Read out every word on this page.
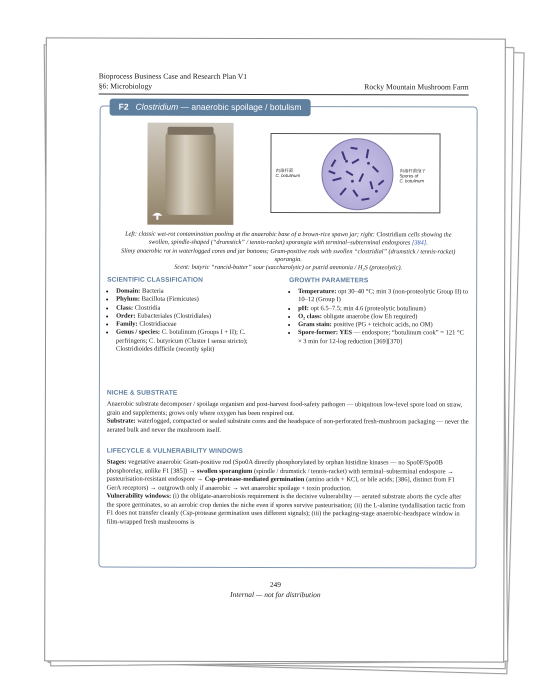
Bioprocess Business Case and Research Plan V1
§6: Microbiology	Rocky Mountain Mushroom Farm
F2 Clostridium — anaerobic spoilage / botulism
肉毒杆菌
C. botulinum
肉毒杆菌孢子
Spores of
C. botulinum
Left: classic wet-rot contamination pooling at the anaerobic base of a brown-rice spawn jar; right: Clostridium cells showing the swollen, spindle-shaped (“drumstick” / tennis-racket) sporangia with terminal–subterminal endospores [384].
Slimy anaerobic rot in waterlogged cores and jar bottoms; Gram-positive rods with swollen “clostridial” (drumstick / tennis-racket) sporangia.
Scent: butyric “rancid-butter” sour (saccharolytic) or putrid ammonia / H₂S (proteolytic).
SCIENTIFIC CLASSIFICATION
• Domain: Bacteria
• Phylum: Bacillota (Firmicutes)
• Class: Clostridia
• Order: Eubacteriales (Clostridiales)
• Family: Clostridiaceae
• Genus / species: C. botulinum (Groups I + II); C. perfringens; C. butyricum (Cluster I sensu stricto); Clostridioides difficile (recently split)
GROWTH PARAMETERS
• Temperature: opt 30–40 °C; min 3 (non-proteolytic Group II) to 10–12 (Group I)
• pH: opt 6.5–7.5; min 4.6 (proteolytic botulinum)
• O₂ class: obligate anaerobe (low Eh required)
• Gram stain: positive (PG + teichoic acids, no OM)
• Spore-former: YES — endospore; “botulinum cook” = 121 °C × 3 min for 12-log reduction [369][370]
NICHE & SUBSTRATE
Anaerobic substrate decomposer / spoilage organism and post-harvest food-safety pathogen — ubiquitous low-level spore load on straw, grain and supplements; grows only where oxygen has been respired out.
Substrate: waterlogged, compacted or sealed substrate cores and the headspace of non-perforated fresh-mushroom packaging — never the aerated bulk and never the mushroom itself.
LIFECYCLE & VULNERABILITY WINDOWS
Stages: vegetative anaerobic Gram-positive rod (Spo0A directly phosphorylated by orphan histidine kinases — no Spo0F/Spo0B phosphorelay, unlike F1 [385]) → swollen sporangium (spindle / drumstick / tennis-racket) with terminal–subterminal endospore → pasteurisation-resistant endospore → Csp-protease-mediated germination (amino acids + KCl, or bile acids; [386], distinct from F1 GerA receptors) → outgrowth only if anaerobic → wet anaerobic spoilage + toxin production.
Vulnerability windows: (i) the obligate-anaerobiosis requirement is the decisive vulnerability — aerated substrate aborts the cycle after the spore germinates, so an aerobic crop denies the niche even if spores survive pasteurisation; (ii) the L-alanine tyndallisation tactic from F1 does not transfer cleanly (Csp-protease germination uses different signals); (iii) the packaging-stage anaerobic-headspace window in film-wrapped fresh mushrooms is
249
Internal — not for distribution
